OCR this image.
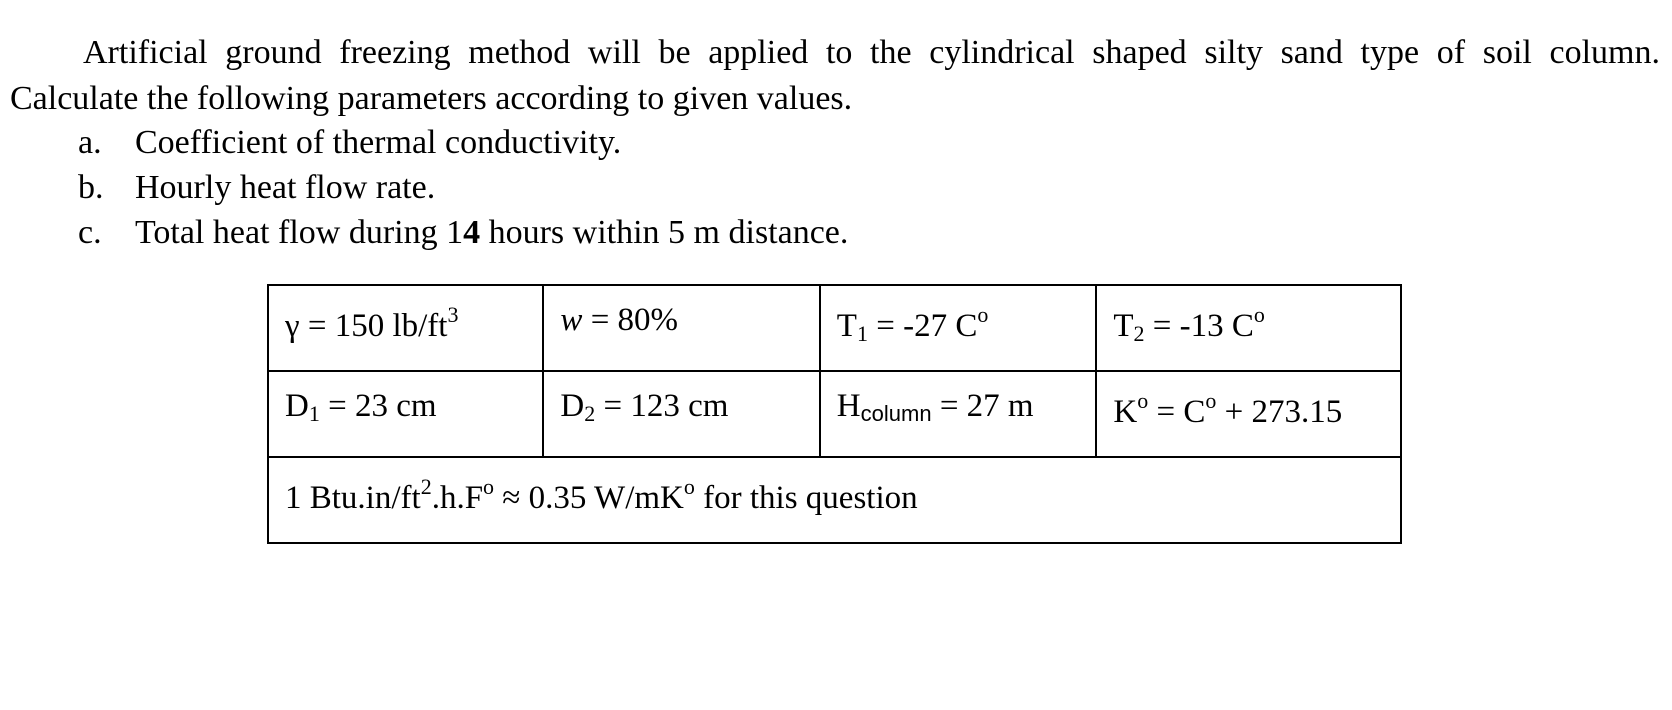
Artificial ground freezing method will be applied to the cylindrical shaped silty sand type of soil column.
Calculate the following parameters according to given values.

a. Coefficient of thermal conductivity.
b. Hourly heat flow rate.
c. Total heat flow during 14 hours within 5 m distance.
γ = 150 $lb/ft^3$	w = 80%	$T_1 = -27$ $C^o$	$T_2 = -13$ $C^o$
$D_1 = 23$ cm	$D_2 = 123$ cm	Hcolumn = 27 m	$K^o = C^o + 273.15$
1 $Btu.in/ft^2.h.F^o \approx 0.35$ $W/mK^o$ for this question			
